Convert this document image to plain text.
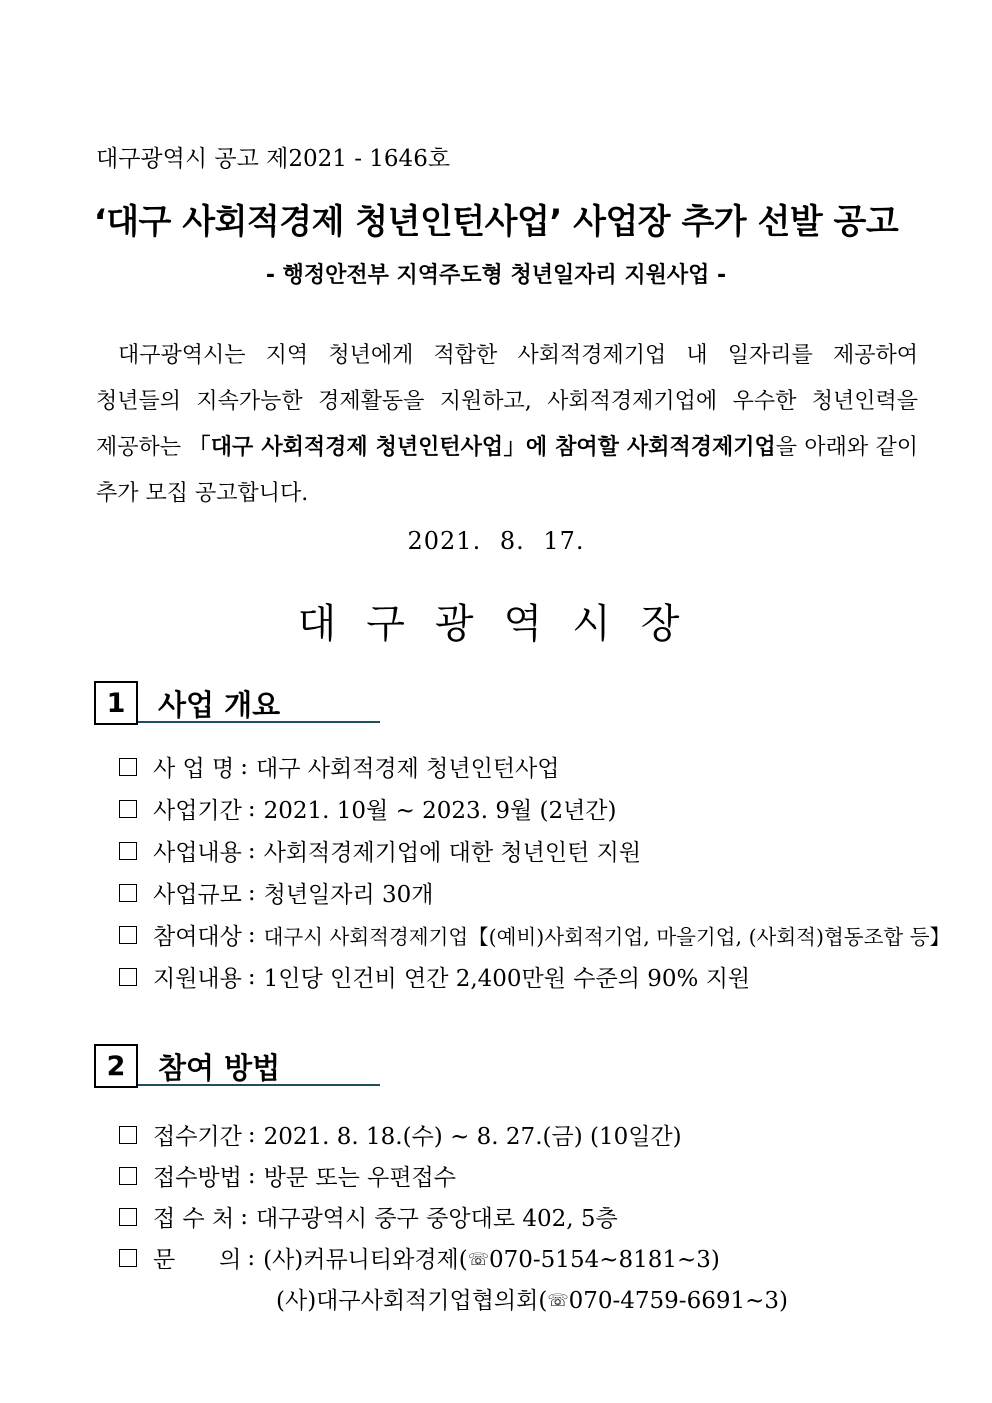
대구광역시 공고 제2021 - 1646호
‘대구 사회적경제 청년인턴사업’ 사업장 추가 선발 공고
- 행정안전부 지역주도형 청년일자리 지원사업 -
대구광역시는 지역 청년에게 적합한 사회적경제기업 내 일자리를 제공하여
청년들의 지속가능한 경제활동을 지원하고, 사회적경제기업에 우수한 청년인력을
제공하는 「대구 사회적경제 청년인턴사업」에 참여할 사회적경제기업을 아래와 같이
추가 모집 공고합니다.
2021. 8. 17.
대구광역시장
1	사업 개요
사 업 명 : 대구 사회적경제 청년인턴사업
사업기간 : 2021. 10월 ~ 2023. 9월 (2년간)
사업내용 : 사회적경제기업에 대한 청년인턴 지원
사업규모 : 청년일자리 30개
참여대상 : 대구시 사회적경제기업【(예비)사회적기업, 마을기업, (사회적)협동조합 등】
지원내용 : 1인당 인건비 연간 2,400만원 수준의 90% 지원
2	참여 방법
접수기간 : 2021. 8. 18.(수) ~ 8. 27.(금) (10일간)
접수방법 : 방문 또는 우편접수
접 수 처 : 대구광역시 중구 중앙대로 402, 5층
문      의 : (사)커뮤니티와경제(☏070-5154~8181~3)
(사)대구사회적기업협의회(☏070-4759-6691~3)
